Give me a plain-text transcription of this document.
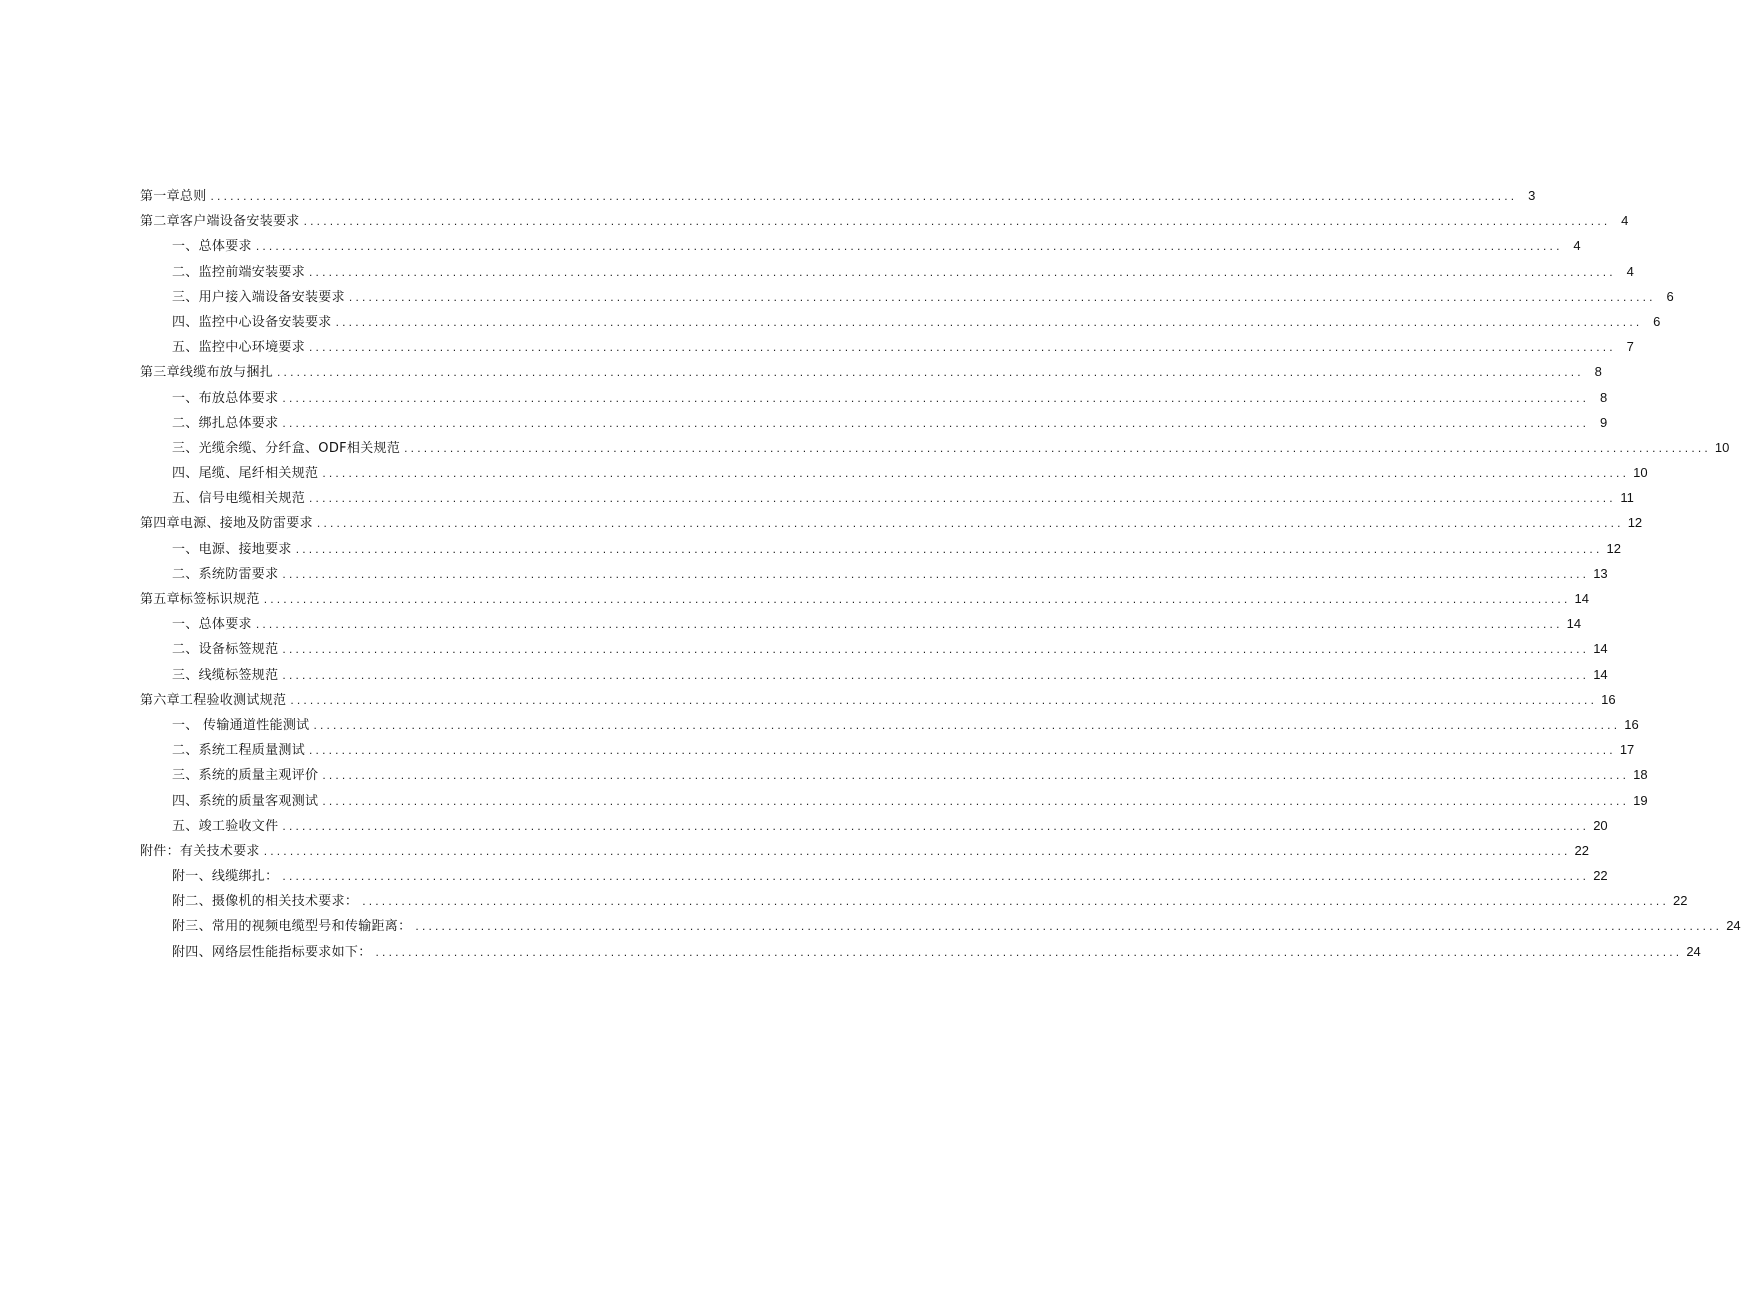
第一章总则 ........................................................................................................................................................................................................ 3
第二章客户端设备安装要求 ........................................................................................................................................................................................................ 4
一、总体要求 ........................................................................................................................................................................................................ 4
二、监控前端安装要求 ........................................................................................................................................................................................................ 4
三、用户接入端设备安装要求 ........................................................................................................................................................................................................ 6
四、监控中心设备安装要求 ........................................................................................................................................................................................................ 6
五、监控中心环境要求 ........................................................................................................................................................................................................ 7
第三章线缆布放与捆扎 ........................................................................................................................................................................................................ 8
一、布放总体要求 ........................................................................................................................................................................................................ 8
二、绑扎总体要求 ........................................................................................................................................................................................................ 9
三、光缆余缆、分纤盒、ODF相关规范 ........................................................................................................................................................................................................ 10
四、尾缆、尾纤相关规范 ........................................................................................................................................................................................................ 10
五、信号电缆相关规范 ........................................................................................................................................................................................................ 11
第四章电源、接地及防雷要求 ........................................................................................................................................................................................................ 12
一、电源、接地要求 ........................................................................................................................................................................................................ 12
二、系统防雷要求 ........................................................................................................................................................................................................ 13
第五章标签标识规范 ........................................................................................................................................................................................................ 14
一、总体要求 ........................................................................................................................................................................................................ 14
二、设备标签规范 ........................................................................................................................................................................................................ 14
三、线缆标签规范 ........................................................................................................................................................................................................ 14
第六章工程验收测试规范 ........................................................................................................................................................................................................ 16
一、 传输通道性能测试 ........................................................................................................................................................................................................ 16
二、系统工程质量测试 ........................................................................................................................................................................................................ 17
三、系统的质量主观评价 ........................................................................................................................................................................................................ 18
四、系统的质量客观测试 ........................................................................................................................................................................................................ 19
五、竣工验收文件 ........................................................................................................................................................................................................ 20
附件：有关技术要求 ........................................................................................................................................................................................................ 22
附一、线缆绑扎： ........................................................................................................................................................................................................ 22
附二、摄像机的相关技术要求： ........................................................................................................................................................................................................ 22
附三、常用的视频电缆型号和传输距离： ........................................................................................................................................................................................................ 24
附四、网络层性能指标要求如下： ........................................................................................................................................................................................................ 24
